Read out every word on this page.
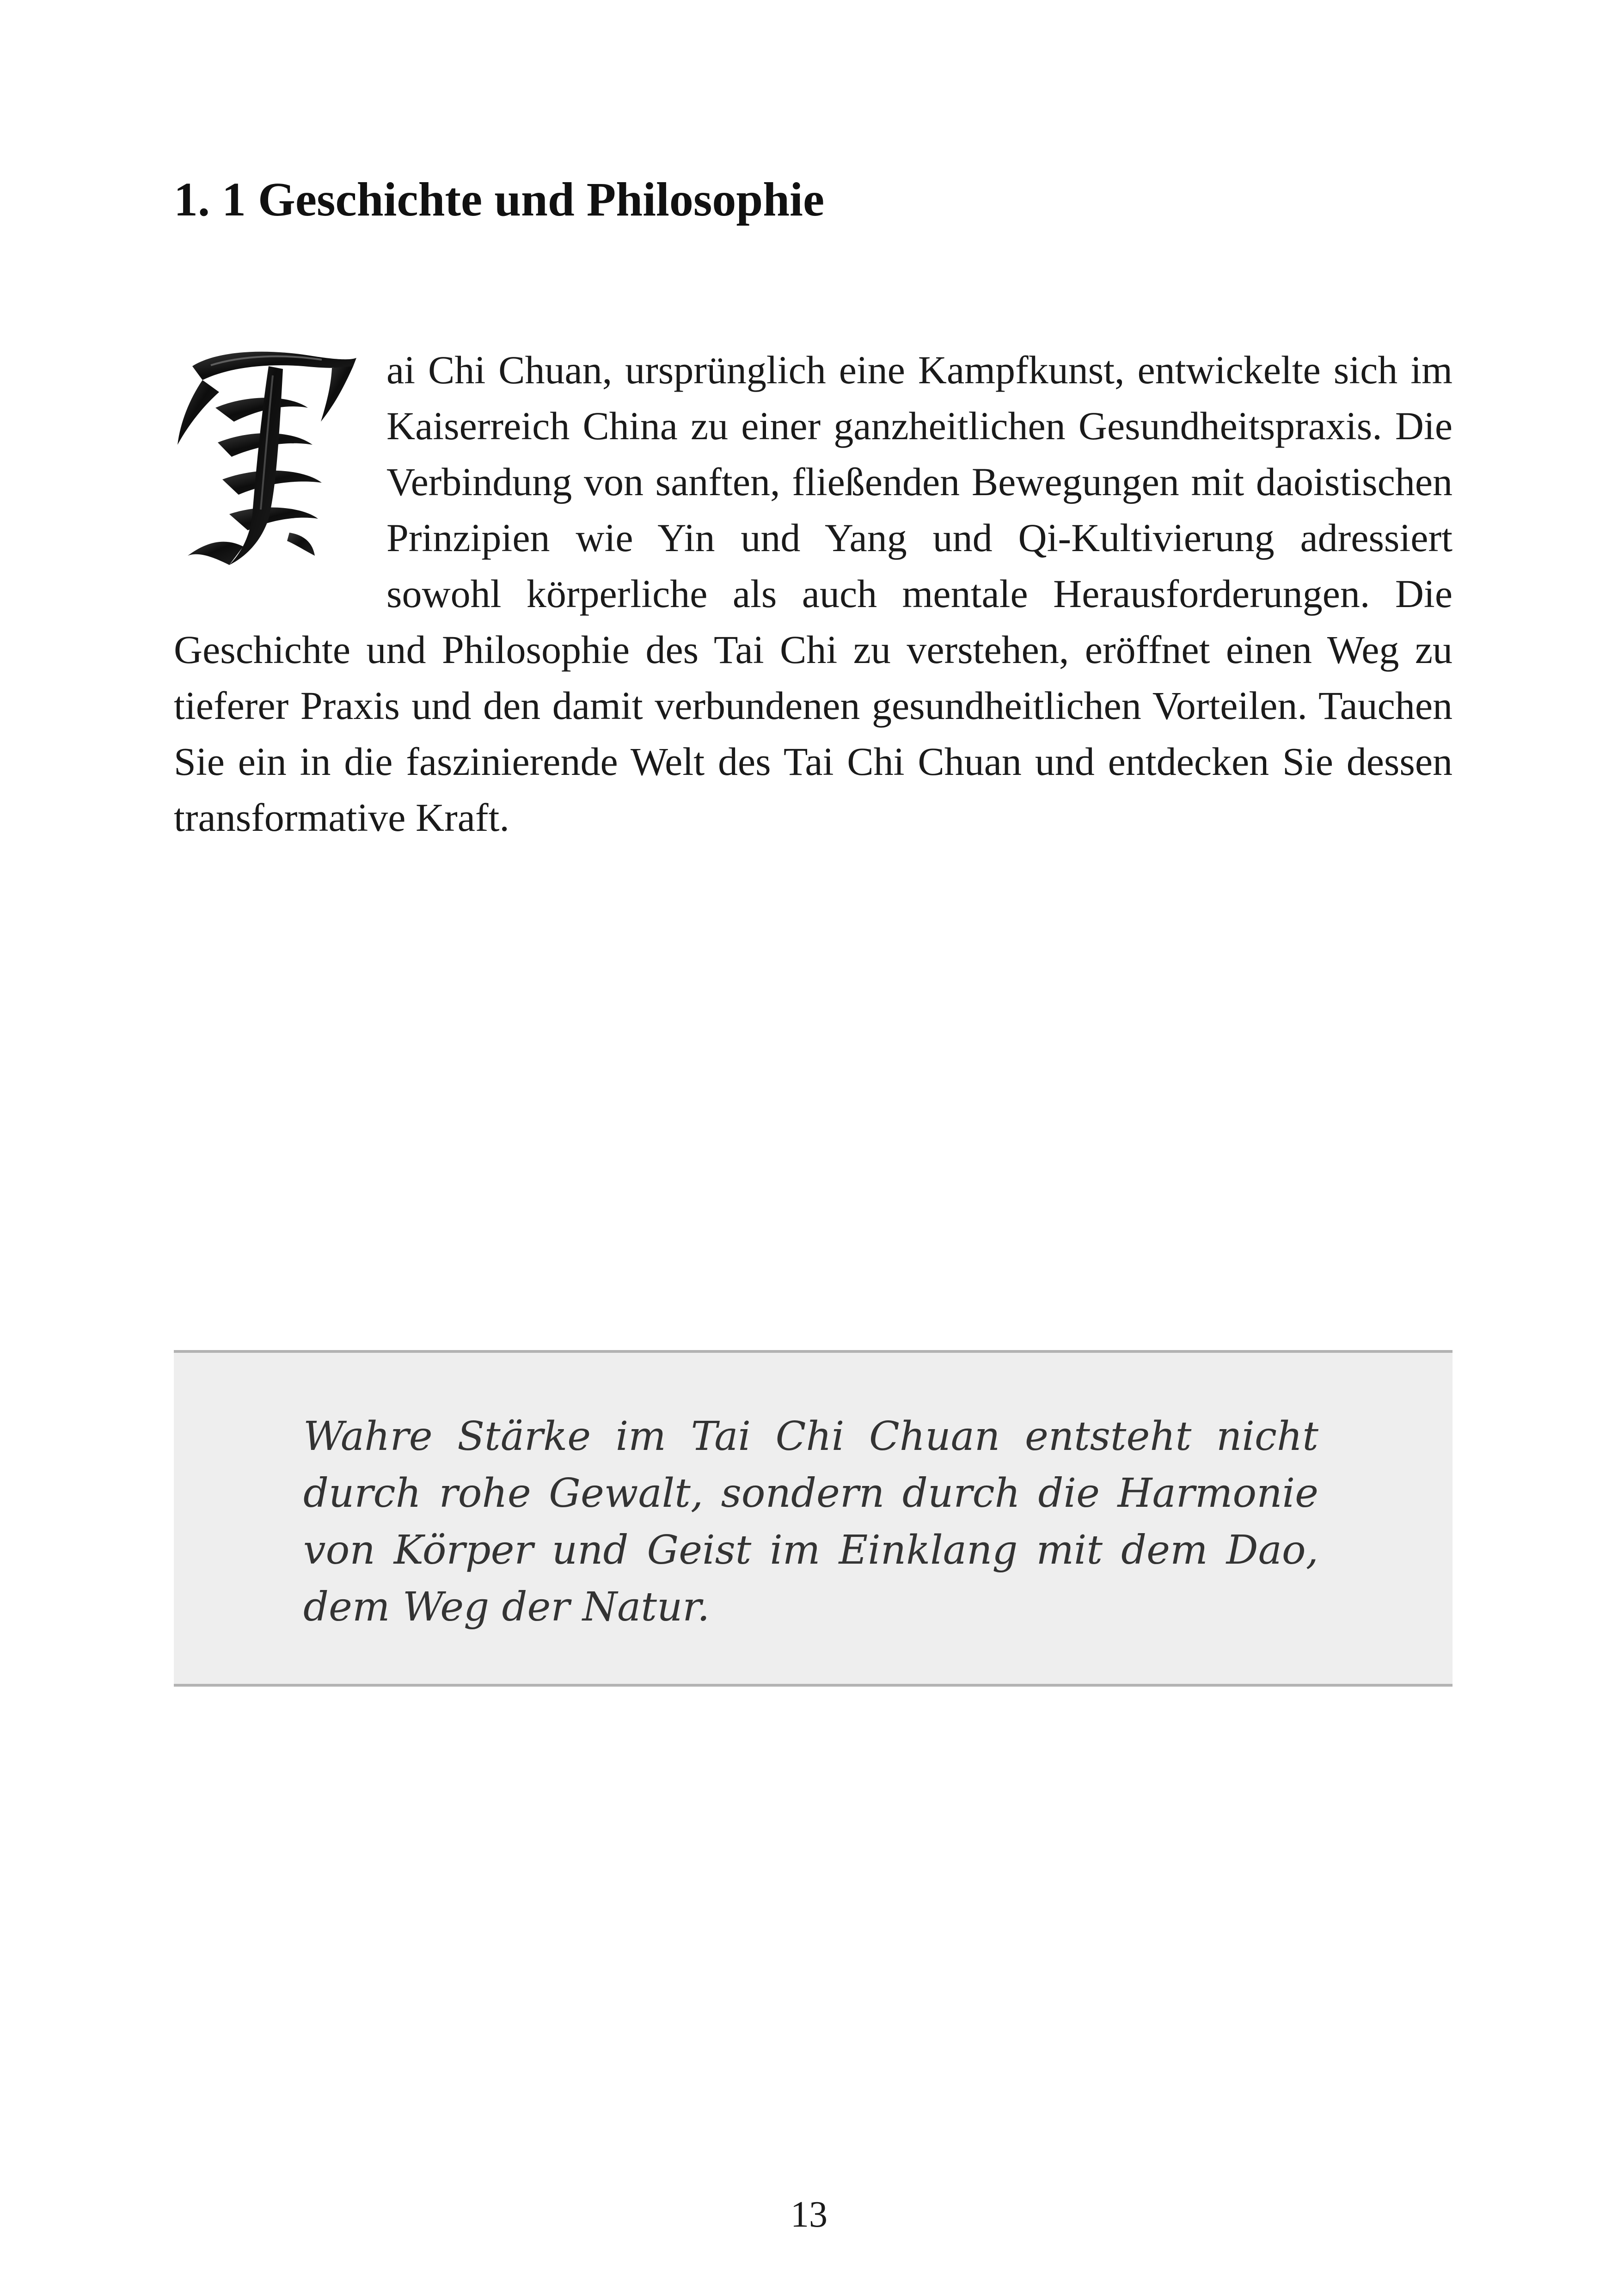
1. 1 Geschichte und Philosophie

ai Chi Chuan, ursprünglich eine Kampfkunst, entwickelte sich im Kaiserreich China zu einer ganzheitlichen Gesundheitspraxis. Die Verbindung von sanften, fließenden Bewegungen mit daoistischen Prinzipien wie Yin und Yang und Qi-Kultivierung adressiert sowohl körperliche als auch mentale Herausforderungen. Die Geschichte und Philosophie des Tai Chi zu verstehen, eröffnet einen Weg zu tieferer Praxis und den damit verbundenen gesundheitlichen Vorteilen. Tauchen Sie ein in die faszinierende Welt des Tai Chi Chuan und entdecken Sie dessen transformative Kraft.

Wahre Stärke im Tai Chi Chuan entsteht nicht durch rohe Gewalt, sondern durch die Harmonie von Körper und Geist im Einklang mit dem Dao, dem Weg der Natur.

13
